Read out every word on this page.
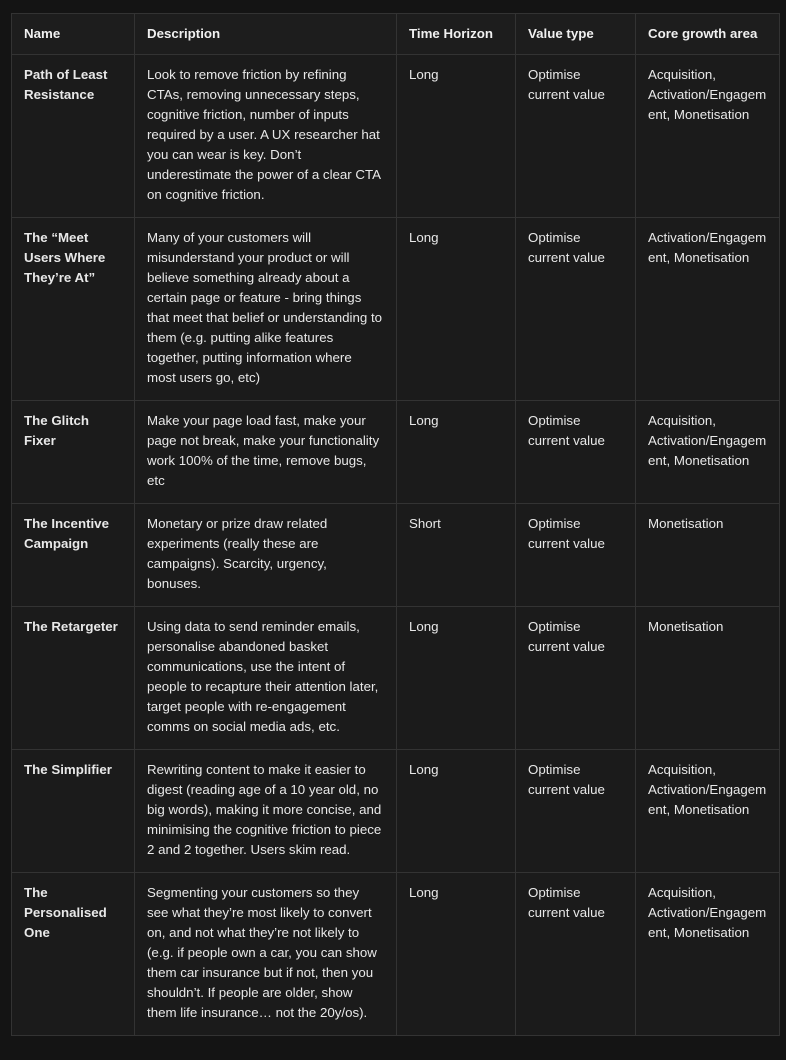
Name	Description	Time Horizon	Value type	Core growth area
Path of Least Resistance	Look to remove friction by refining CTAs, removing unnecessary steps, cognitive friction, number of inputs required by a user. A UX researcher hat you can wear is key. Don’t underestimate the power of a clear CTA on cognitive friction.	Long	Optimise current value	Acquisition, Activation/Engagement, Monetisation
The “Meet Users Where They’re At”	Many of your customers will misunderstand your product or will believe something already about a certain page or feature - bring things that meet that belief or understanding to them (e.g. putting alike features together, putting information where most users go, etc)	Long	Optimise current value	Activation/Engagement, Monetisation
The Glitch Fixer	Make your page load fast, make your page not break, make your functionality work 100% of the time, remove bugs, etc	Long	Optimise current value	Acquisition, Activation/Engagement, Monetisation
The Incentive Campaign	Monetary or prize draw related experiments (really these are campaigns). Scarcity, urgency, bonuses.	Short	Optimise current value	Monetisation
The Retargeter	Using data to send reminder emails, personalise abandoned basket communications, use the intent of people to recapture their attention later, target people with re-engagement comms on social media ads, etc.	Long	Optimise current value	Monetisation
The Simplifier	Rewriting content to make it easier to digest (reading age of a 10 year old, no big words), making it more concise, and minimising the cognitive friction to piece 2 and 2 together. Users skim read.	Long	Optimise current value	Acquisition, Activation/Engagement, Monetisation
The Personalised One	Segmenting your customers so they see what they’re most likely to convert on, and not what they’re not likely to (e.g. if people own a car, you can show them car insurance but if not, then you shouldn’t. If people are older, show them life insurance… not the 20y/os).	Long	Optimise current value	Acquisition, Activation/Engagement, Monetisation
